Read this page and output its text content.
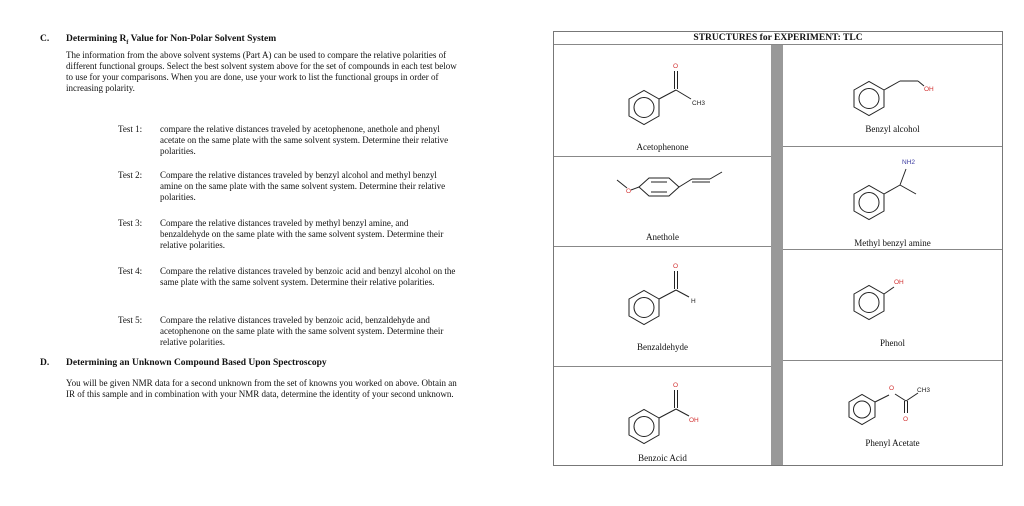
C. Determining $R_f$ Value for Non-Polar Solvent System
The information from the above solvent systems (Part A) can be used to compare the relative polarities of different functional groups. Select the best solvent system above for the set of compounds in each test below to use for your comparisons. When you are done, use your work to list the functional groups in order of increasing polarity.
Test 1:	compare the relative distances traveled by acetophenone, anethole and phenyl acetate on the same plate with the same solvent system. Determine their relative polarities.
Test 2:	Compare the relative distances traveled by benzyl alcohol and methyl benzyl amine on the same plate with the same solvent system. Determine their relative polarities.
Test 3:	Compare the relative distances traveled by methyl benzyl amine, and benzaldehyde on the same plate with the same solvent system. Determine their relative polarities.
Test 4:	Compare the relative distances traveled by benzoic acid and benzyl alcohol on the same plate with the same solvent system. Determine their relative polarities.
Test 5:	Compare the relative distances traveled by benzoic acid, benzaldehyde and acetophenone on the same plate with the same solvent system. Determine their relative polarities.
D. Determining an Unknown Compound Based Upon Spectroscopy
You will be given NMR data for a second unknown from the set of knowns you worked on above. Obtain an IR of this sample and in combination with your NMR data, determine the identity of your second unknown.
STRUCTURES for EXPERIMENT: TLC
O
CH3
Acetophenone
O
Anethole
O
H
Benzaldehyde
O
OH
Benzoic Acid
OH
Benzyl alcohol
NH2
Methyl benzyl amine
OH
Phenol
O
O
CH3
Phenyl Acetate
